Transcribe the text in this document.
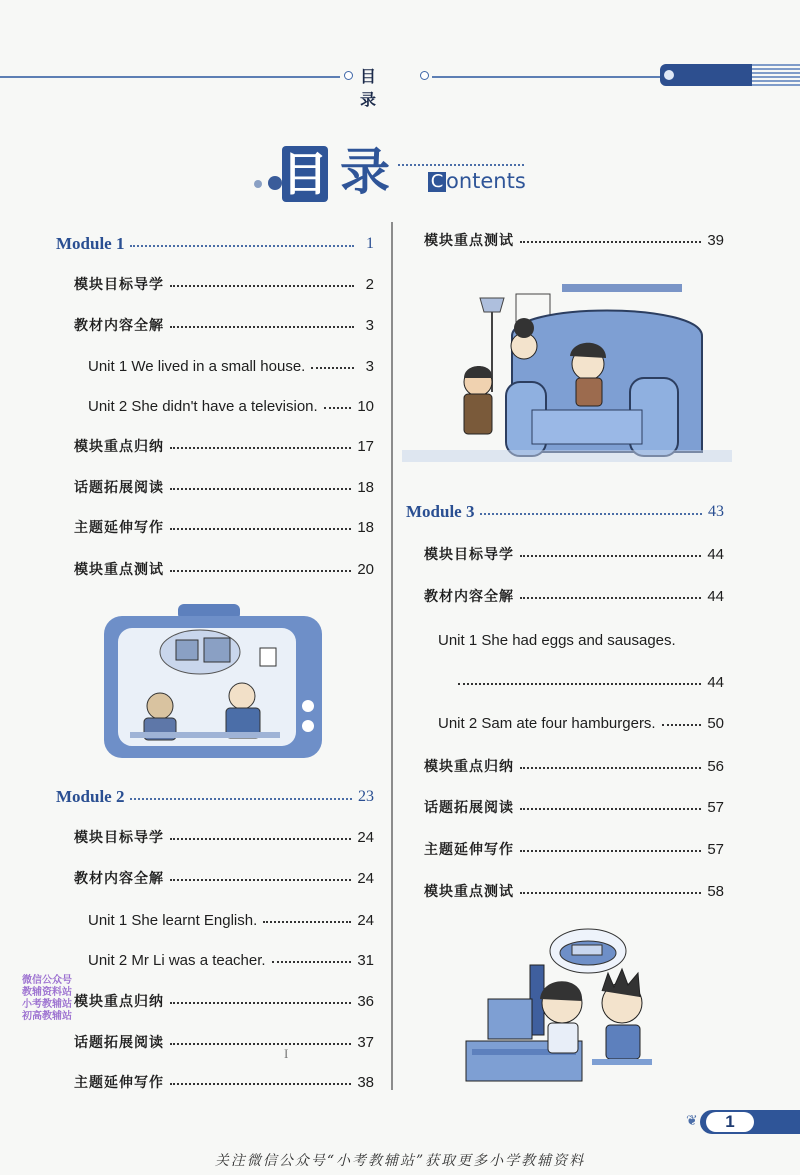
目 录
目 录 C ontents
Module 1	1
模块目标导学	2
教材内容全解	3
Unit 1 We lived in a small house.	3
Unit 2 She didn't have a television.	10
模块重点归纳	17
话题拓展阅读	18
主题延伸写作	18
模块重点测试	20
Module 2	23
模块目标导学	24
教材内容全解	24
Unit 1 She learnt English.	24
Unit 2 Mr Li was a teacher.	31
模块重点归纳	36
话题拓展阅读	37
主题延伸写作	38
模块重点测试	39
Module 3	43
模块目标导学	44
教材内容全解	44
Unit 1 She had eggs and sausages.
44
Unit 2 Sam ate four hamburgers.	50
模块重点归纳	56
话题拓展阅读	57
主题延伸写作	57
模块重点测试	58
微信公众号
教辅资料站
小考教辅站
初高教辅站
I
❦	1
关注微信公众号“小考教辅站”获取更多小学教辅资料
